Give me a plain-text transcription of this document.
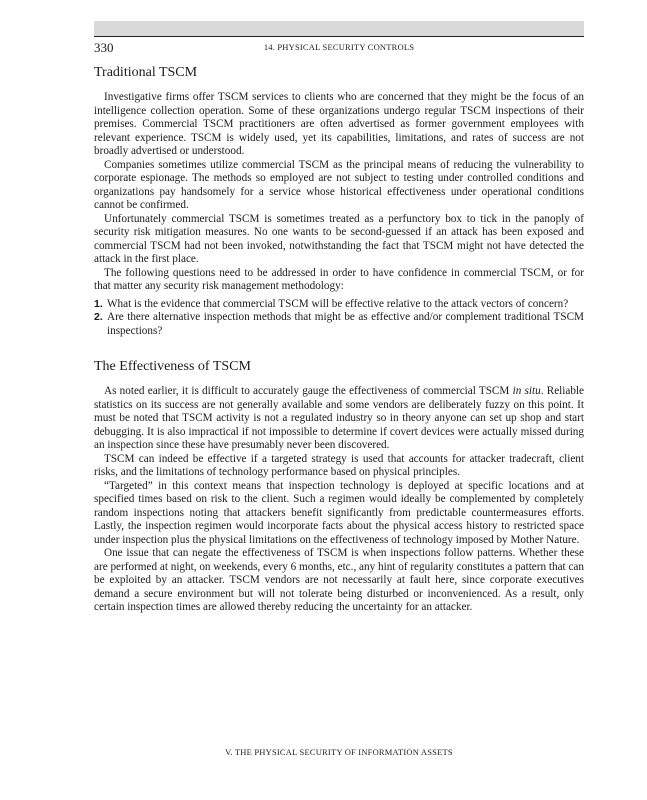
330	14. PHYSICAL SECURITY CONTROLS
Traditional TSCM

Investigative firms offer TSCM services to clients who are concerned that they might be the focus of an intelligence collection operation. Some of these organizations undergo regular TSCM inspections of their premises. Commercial TSCM practitioners are often advertised as former government employees with relevant experience. TSCM is widely used, yet its capabilities, limitations, and rates of success are not broadly advertised or understood.

Companies sometimes utilize commercial TSCM as the principal means of reducing the vulnerability to corporate espionage. The methods so employed are not subject to testing under controlled conditions and organizations pay handsomely for a service whose historical effectiveness under operational conditions cannot be confirmed.

Unfortunately commercial TSCM is sometimes treated as a perfunctory box to tick in the panoply of security risk mitigation measures. No one wants to be second-guessed if an attack has been exposed and commercial TSCM had not been invoked, notwithstanding the fact that TSCM might not have detected the attack in the first place.

The following questions need to be addressed in order to have confidence in commercial TSCM, or for that matter any security risk management methodology:

1. What is the evidence that commercial TSCM will be effective relative to the attack vectors of concern?
2. Are there alternative inspection methods that might be as effective and/or complement traditional TSCM inspections?
The Effectiveness of TSCM

As noted earlier, it is difficult to accurately gauge the effectiveness of commercial TSCM in situ. Reliable statistics on its success are not generally available and some vendors are deliberately fuzzy on this point. It must be noted that TSCM activity is not a regulated industry so in theory anyone can set up shop and start debugging. It is also impractical if not impossible to determine if covert devices were actually missed during an inspection since these have presumably never been discovered.

TSCM can indeed be effective if a targeted strategy is used that accounts for attacker tradecraft, client risks, and the limitations of technology performance based on physical principles.

“Targeted” in this context means that inspection technology is deployed at specific locations and at specified times based on risk to the client. Such a regimen would ideally be complemented by completely random inspections noting that attackers benefit significantly from predictable countermeasures efforts. Lastly, the inspection regimen would incorporate facts about the physical access history to restricted space under inspection plus the physical limitations on the effectiveness of technology imposed by Mother Nature.

One issue that can negate the effectiveness of TSCM is when inspections follow patterns. Whether these are performed at night, on weekends, every 6 months, etc., any hint of regularity constitutes a pattern that can be exploited by an attacker. TSCM vendors are not necessarily at fault here, since corporate executives demand a secure environment but will not tolerate being disturbed or inconvenienced. As a result, only certain inspection times are allowed thereby reducing the uncertainty for an attacker.

V. THE PHYSICAL SECURITY OF INFORMATION ASSETS
